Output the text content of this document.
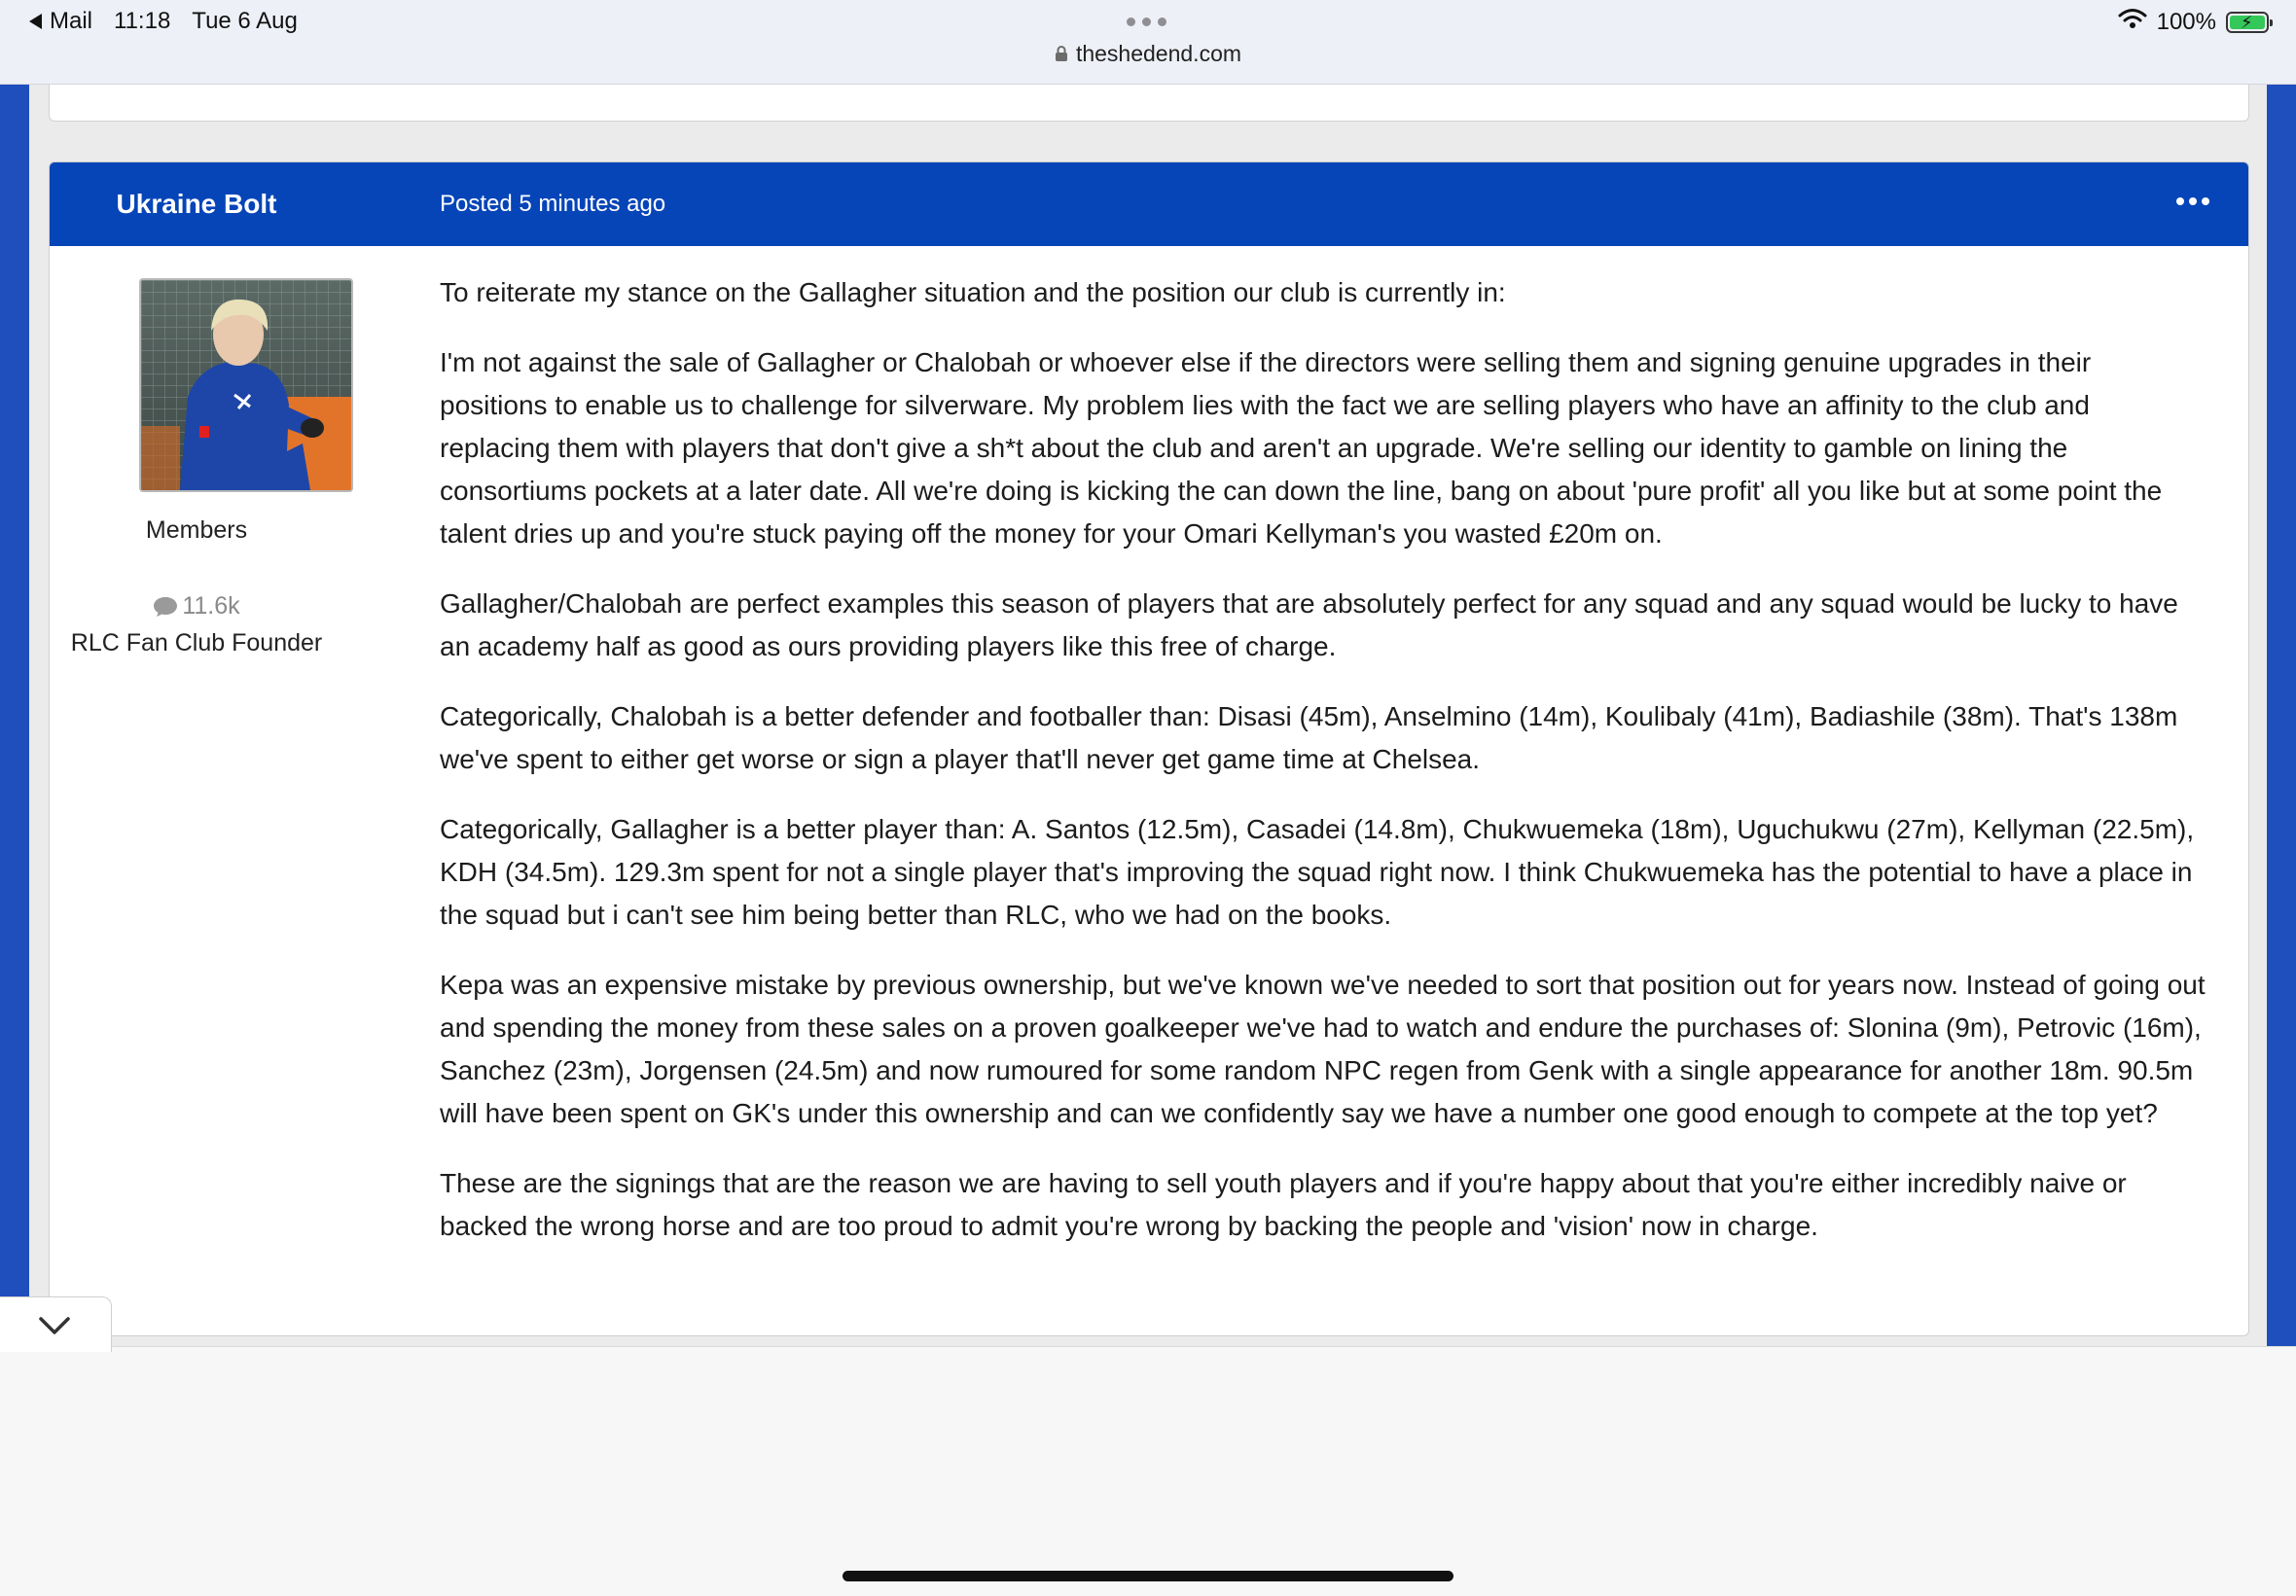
Mail 11:18 Tue 6 Aug
theshedend.com
100% ⚡
Ukraine Bolt	Posted 5 minutes ago
Members
11.6k
RLC Fan Club Founder

To reiterate my stance on the Gallagher situation and the position our club is currently in:

I'm not against the sale of Gallagher or Chalobah or whoever else if the directors were selling them and signing genuine upgrades in their positions to enable us to challenge for silverware. My problem lies with the fact we are selling players who have an affinity to the club and replacing them with players that don't give a sh*t about the club and aren't an upgrade. We're selling our identity to gamble on lining the consortiums pockets at a later date. All we're doing is kicking the can down the line, bang on about 'pure profit' all you like but at some point the talent dries up and you're stuck paying off the money for your Omari Kellyman's you wasted £20m on.

Gallagher/Chalobah are perfect examples this season of players that are absolutely perfect for any squad and any squad would be lucky to have an academy half as good as ours providing players like this free of charge.

Categorically, Chalobah is a better defender and footballer than: Disasi (45m), Anselmino (14m), Koulibaly (41m), Badiashile (38m). That's 138m we've spent to either get worse or sign a player that'll never get game time at Chelsea.

Categorically, Gallagher is a better player than: A. Santos (12.5m), Casadei (14.8m), Chukwuemeka (18m), Uguchukwu (27m), Kellyman (22.5m), KDH (34.5m). 129.3m spent for not a single player that's improving the squad right now. I think Chukwuemeka has the potential to have a place in the squad but i can't see him being better than RLC, who we had on the books.

Kepa was an expensive mistake by previous ownership, but we've known we've needed to sort that position out for years now. Instead of going out and spending the money from these sales on a proven goalkeeper we've had to watch and endure the purchases of: Slonina (9m), Petrovic (16m), Sanchez (23m), Jorgensen (24.5m) and now rumoured for some random NPC regen from Genk with a single appearance for another 18m. 90.5m will have been spent on GK's under this ownership and can we confidently say we have a number one good enough to compete at the top yet?

These are the signings that are the reason we are having to sell youth players and if you're happy about that you're either incredibly naive or backed the wrong horse and are too proud to admit you're wrong by backing the people and 'vision' now in charge.
